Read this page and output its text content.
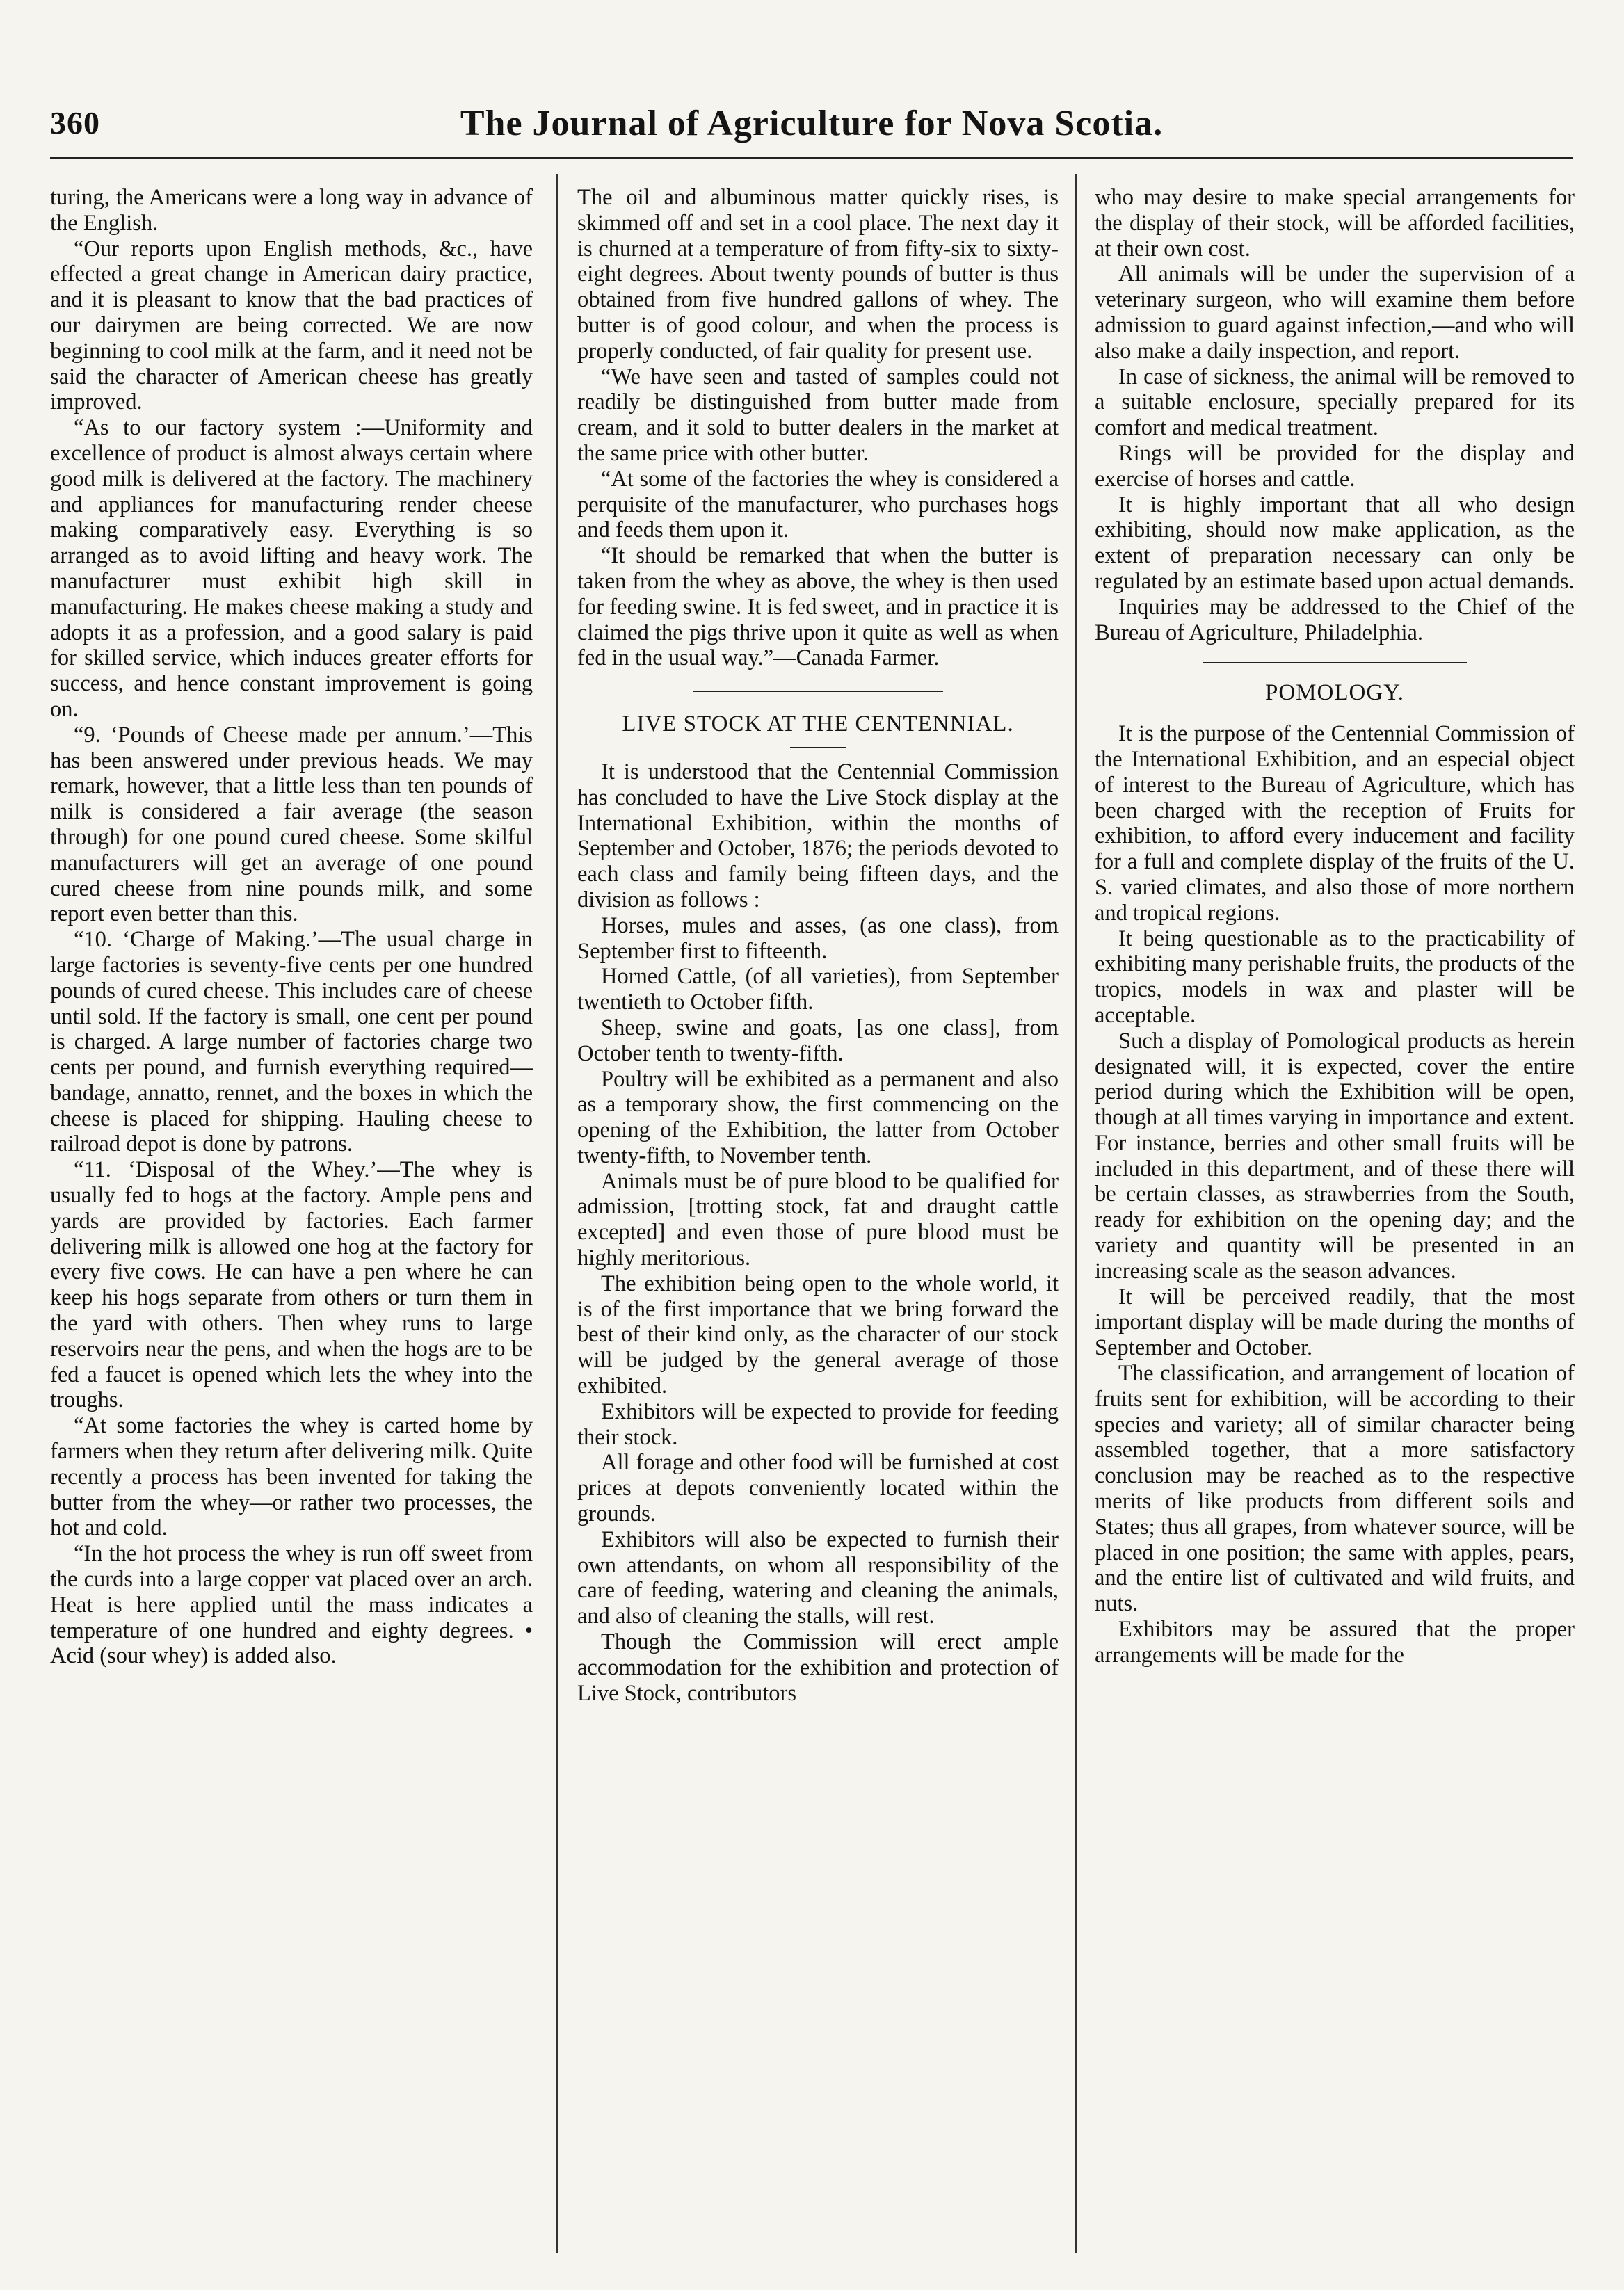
360	The Journal of Agriculture for Nova Scotia.

turing, the Americans were a long way in advance of the English.

“Our reports upon English methods, &c., have effected a great change in American dairy practice, and it is pleasant to know that the bad practices of our dairymen are being corrected. We are now beginning to cool milk at the farm, and it need not be said the character of American cheese has greatly improved.

“As to our factory system :—Uniformity and excellence of product is almost always certain where good milk is delivered at the factory. The machinery and appliances for manufacturing render cheese making comparatively easy. Everything is so arranged as to avoid lifting and heavy work. The manufacturer must exhibit high skill in manufacturing. He makes cheese making a study and adopts it as a profession, and a good salary is paid for skilled service, which induces greater efforts for success, and hence constant improvement is going on.

“9. ‘Pounds of Cheese made per annum.’—This has been answered under previous heads. We may remark, however, that a little less than ten pounds of milk is considered a fair average (the season through) for one pound cured cheese. Some skilful manufacturers will get an average of one pound cured cheese from nine pounds milk, and some report even better than this.

“10. ‘Charge of Making.’—The usual charge in large factories is seventy-five cents per one hundred pounds of cured cheese. This includes care of cheese until sold. If the factory is small, one cent per pound is charged. A large number of factories charge two cents per pound, and furnish everything required—bandage, annatto, rennet, and the boxes in which the cheese is placed for shipping. Hauling cheese to railroad depot is done by patrons.

“11. ‘Disposal of the Whey.’—The whey is usually fed to hogs at the factory. Ample pens and yards are provided by factories. Each farmer delivering milk is allowed one hog at the factory for every five cows. He can have a pen where he can keep his hogs separate from others or turn them in the yard with others. Then whey runs to large reservoirs near the pens, and when the hogs are to be fed a faucet is opened which lets the whey into the troughs.

“At some factories the whey is carted home by farmers when they return after delivering milk. Quite recently a process has been invented for taking the butter from the whey—or rather two processes, the hot and cold.

“In the hot process the whey is run off sweet from the curds into a large copper vat placed over an arch. Heat is here applied until the mass indicates a temperature of one hundred and eighty degrees. • Acid (sour whey) is added also.

The oil and albuminous matter quickly rises, is skimmed off and set in a cool place. The next day it is churned at a temperature of from fifty-six to sixty-eight degrees. About twenty pounds of butter is thus obtained from five hundred gallons of whey. The butter is of good colour, and when the process is properly conducted, of fair quality for present use.

“We have seen and tasted of samples could not readily be distinguished from butter made from cream, and it sold to butter dealers in the market at the same price with other butter.

“At some of the factories the whey is considered a perquisite of the manufacturer, who purchases hogs and feeds them upon it.

“It should be remarked that when the butter is taken from the whey as above, the whey is then used for feeding swine. It is fed sweet, and in practice it is claimed the pigs thrive upon it quite as well as when fed in the usual way.”—Canada Farmer.

LIVE STOCK AT THE CENTENNIAL.

It is understood that the Centennial Commission has concluded to have the Live Stock display at the International Exhibition, within the months of September and October, 1876; the periods devoted to each class and family being fifteen days, and the division as follows :

Horses, mules and asses, (as one class), from September first to fifteenth.

Horned Cattle, (of all varieties), from September twentieth to October fifth.

Sheep, swine and goats, [as one class], from October tenth to twenty-fifth.

Poultry will be exhibited as a permanent and also as a temporary show, the first commencing on the opening of the Exhibition, the latter from October twenty-fifth, to November tenth.

Animals must be of pure blood to be qualified for admission, [trotting stock, fat and draught cattle excepted] and even those of pure blood must be highly meritorious.

The exhibition being open to the whole world, it is of the first importance that we bring forward the best of their kind only, as the character of our stock will be judged by the general average of those exhibited.

Exhibitors will be expected to provide for feeding their stock.

All forage and other food will be furnished at cost prices at depots conveniently located within the grounds.

Exhibitors will also be expected to furnish their own attendants, on whom all responsibility of the care of feeding, watering and cleaning the animals, and also of cleaning the stalls, will rest.

Though the Commission will erect ample accommodation for the exhibition and protection of Live Stock, contributors

who may desire to make special arrangements for the display of their stock, will be afforded facilities, at their own cost.

All animals will be under the supervision of a veterinary surgeon, who will examine them before admission to guard against infection,—and who will also make a daily inspection, and report.

In case of sickness, the animal will be removed to a suitable enclosure, specially prepared for its comfort and medical treatment.

Rings will be provided for the display and exercise of horses and cattle.

It is highly important that all who design exhibiting, should now make application, as the extent of preparation necessary can only be regulated by an estimate based upon actual demands.

Inquiries may be addressed to the Chief of the Bureau of Agriculture, Philadelphia.

POMOLOGY.

It is the purpose of the Centennial Commission of the International Exhibition, and an especial object of interest to the Bureau of Agriculture, which has been charged with the reception of Fruits for exhibition, to afford every inducement and facility for a full and complete display of the fruits of the U. S. varied climates, and also those of more northern and tropical regions.

It being questionable as to the practicability of exhibiting many perishable fruits, the products of the tropics, models in wax and plaster will be acceptable.

Such a display of Pomological products as herein designated will, it is expected, cover the entire period during which the Exhibition will be open, though at all times varying in importance and extent. For instance, berries and other small fruits will be included in this department, and of these there will be certain classes, as strawberries from the South, ready for exhibition on the opening day; and the variety and quantity will be presented in an increasing scale as the season advances.

It will be perceived readily, that the most important display will be made during the months of September and October.

The classification, and arrangement of location of fruits sent for exhibition, will be according to their species and variety; all of similar character being assembled together, that a more satisfactory conclusion may be reached as to the respective merits of like products from different soils and States; thus all grapes, from whatever source, will be placed in one position; the same with apples, pears, and the entire list of cultivated and wild fruits, and nuts.

Exhibitors may be assured that the proper arrangements will be made for the
